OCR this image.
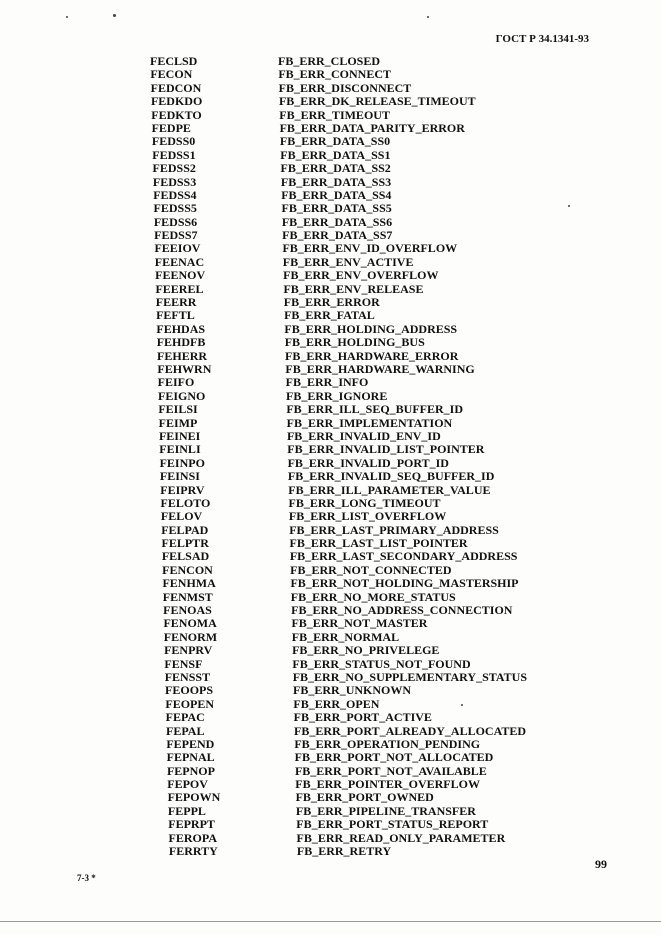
ГОСТ Р 34.1341-93
FECLSD	FB_ERR_CLOSED
FECON	FB_ERR_CONNECT
FEDCON	FB_ERR_DISCONNECT
FEDKDO	FB_ERR_DK_RELEASE_TIMEOUT
FEDKTO	FB_ERR_TIMEOUT
FEDPE	FB_ERR_DATA_PARITY_ERROR
FEDSS0	FB_ERR_DATA_SS0
FEDSS1	FB_ERR_DATA_SS1
FEDSS2	FB_ERR_DATA_SS2
FEDSS3	FB_ERR_DATA_SS3
FEDSS4	FB_ERR_DATA_SS4
FEDSS5	FB_ERR_DATA_SS5
FEDSS6	FB_ERR_DATA_SS6
FEDSS7	FB_ERR_DATA_SS7
FEEIOV	FB_ERR_ENV_ID_OVERFLOW
FEENAC	FB_ERR_ENV_ACTIVE
FEENOV	FB_ERR_ENV_OVERFLOW
FEEREL	FB_ERR_ENV_RELEASE
FEERR	FB_ERR_ERROR
FEFTL	FB_ERR_FATAL
FEHDAS	FB_ERR_HOLDING_ADDRESS
FEHDFB	FB_ERR_HOLDING_BUS
FEHERR	FB_ERR_HARDWARE_ERROR
FEHWRN	FB_ERR_HARDWARE_WARNING
FEIFO	FB_ERR_INFO
FEIGNO	FB_ERR_IGNORE
FEILSI	FB_ERR_ILL_SEQ_BUFFER_ID
FEIMP	FB_ERR_IMPLEMENTATION
FEINEI	FB_ERR_INVALID_ENV_ID
FEINLI	FB_ERR_INVALID_LIST_POINTER
FEINPO	FB_ERR_INVALID_PORT_ID
FEINSI	FB_ERR_INVALID_SEQ_BUFFER_ID
FEIPRV	FB_ERR_ILL_PARAMETER_VALUE
FELOTO	FB_ERR_LONG_TIMEOUT
FELOV	FB_ERR_LIST_OVERFLOW
FELPAD	FB_ERR_LAST_PRIMARY_ADDRESS
FELPTR	FB_ERR_LAST_LIST_POINTER
FELSAD	FB_ERR_LAST_SECONDARY_ADDRESS
FENCON	FB_ERR_NOT_CONNECTED
FENHMA	FB_ERR_NOT_HOLDING_MASTERSHIP
FENMST	FB_ERR_NO_MORE_STATUS
FENOAS	FB_ERR_NO_ADDRESS_CONNECTION
FENOMA	FB_ERR_NOT_MASTER
FENORM	FB_ERR_NORMAL
FENPRV	FB_ERR_NO_PRIVELEGE
FENSF	FB_ERR_STATUS_NOT_FOUND
FENSST	FB_ERR_NO_SUPPLEMENTARY_STATUS
FEOOPS	FB_ERR_UNKNOWN
FEOPEN	FB_ERR_OPEN
FEPAC	FB_ERR_PORT_ACTIVE
FEPAL	FB_ERR_PORT_ALREADY_ALLOCATED
FEPEND	FB_ERR_OPERATION_PENDING
FEPNAL	FB_ERR_PORT_NOT_ALLOCATED
FEPNOP	FB_ERR_PORT_NOT_AVAILABLE
FEPOV	FB_ERR_POINTER_OVERFLOW
FEPOWN	FB_ERR_PORT_OWNED
FEPPL	FB_ERR_PIPELINE_TRANSFER
FEPRPT	FB_ERR_PORT_STATUS_REPORT
FEROPA	FB_ERR_READ_ONLY_PARAMETER
FERRTY	FB_ERR_RETRY
99
7-3 *
